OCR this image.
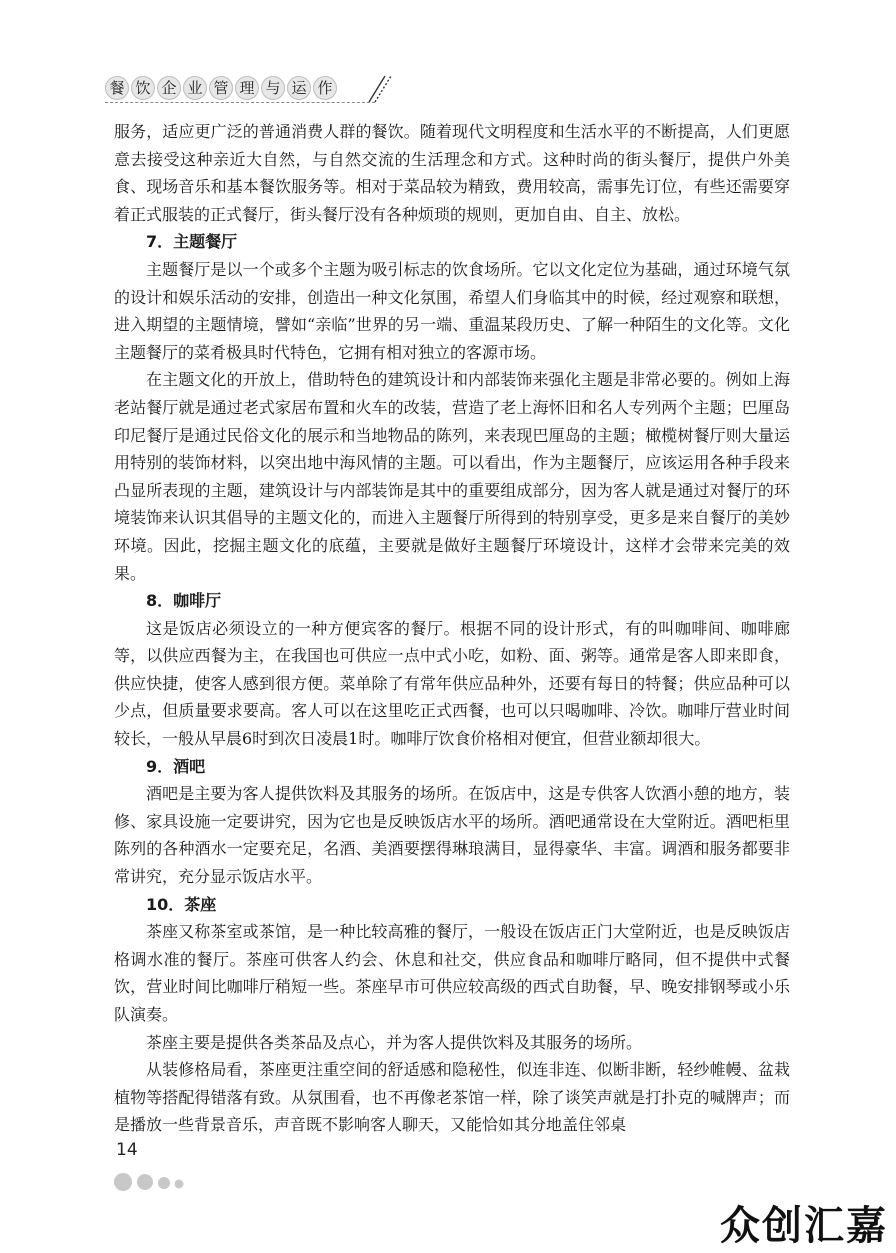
餐 饮 企 业 管 理 与 运 作

服务，适应更广泛的普通消费人群的餐饮。随着现代文明程度和生活水平的不断提高，人们更愿意去接受这种亲近大自然，与自然交流的生活理念和方式。这种时尚的街头餐厅，提供户外美食、现场音乐和基本餐饮服务等。相对于菜品较为精致，费用较高，需事先订位，有些还需要穿着正式服装的正式餐厅，街头餐厅没有各种烦琐的规则，更加自由、自主、放松。

7．主题餐厅

主题餐厅是以一个或多个主题为吸引标志的饮食场所。它以文化定位为基础，通过环境气氛的设计和娱乐活动的安排，创造出一种文化氛围，希望人们身临其中的时候，经过观察和联想，进入期望的主题情境，譬如“亲临”世界的另一端、重温某段历史、了解一种陌生的文化等。文化主题餐厅的菜肴极具时代特色，它拥有相对独立的客源市场。

在主题文化的开放上，借助特色的建筑设计和内部装饰来强化主题是非常必要的。例如上海老站餐厅就是通过老式家居布置和火车的改装，营造了老上海怀旧和名人专列两个主题；巴厘岛印尼餐厅是通过民俗文化的展示和当地物品的陈列，来表现巴厘岛的主题；橄榄树餐厅则大量运用特别的装饰材料，以突出地中海风情的主题。可以看出，作为主题餐厅，应该运用各种手段来凸显所表现的主题，建筑设计与内部装饰是其中的重要组成部分，因为客人就是通过对餐厅的环境装饰来认识其倡导的主题文化的，而进入主题餐厅所得到的特别享受，更多是来自餐厅的美妙环境。因此，挖掘主题文化的底蕴，主要就是做好主题餐厅环境设计，这样才会带来完美的效果。

8．咖啡厅

这是饭店必须设立的一种方便宾客的餐厅。根据不同的设计形式，有的叫咖啡间、咖啡廊等，以供应西餐为主，在我国也可供应一点中式小吃，如粉、面、粥等。通常是客人即来即食，供应快捷，使客人感到很方便。菜单除了有常年供应品种外，还要有每日的特餐；供应品种可以少点，但质量要求要高。客人可以在这里吃正式西餐，也可以只喝咖啡、冷饮。咖啡厅营业时间较长，一般从早晨6时到次日凌晨1时。咖啡厅饮食价格相对便宜，但营业额却很大。

9．酒吧

酒吧是主要为客人提供饮料及其服务的场所。在饭店中，这是专供客人饮酒小憩的地方，装修、家具设施一定要讲究，因为它也是反映饭店水平的场所。酒吧通常设在大堂附近。酒吧柜里陈列的各种酒水一定要充足，名酒、美酒要摆得琳琅满目，显得豪华、丰富。调酒和服务都要非常讲究，充分显示饭店水平。

10．茶座

茶座又称茶室或茶馆，是一种比较高雅的餐厅，一般设在饭店正门大堂附近，也是反映饭店格调水准的餐厅。茶座可供客人约会、休息和社交，供应食品和咖啡厅略同，但不提供中式餐饮，营业时间比咖啡厅稍短一些。茶座早市可供应较高级的西式自助餐，早、晚安排钢琴或小乐队演奏。

茶座主要是提供各类茶品及点心，并为客人提供饮料及其服务的场所。

从装修格局看，茶座更注重空间的舒适感和隐秘性，似连非连、似断非断，轻纱帷幔、盆栽植物等搭配得错落有致。从氛围看，也不再像老茶馆一样，除了谈笑声就是打扑克的喊牌声；而是播放一些背景音乐，声音既不影响客人聊天，又能恰如其分地盖住邻桌

14
众创汇嘉
